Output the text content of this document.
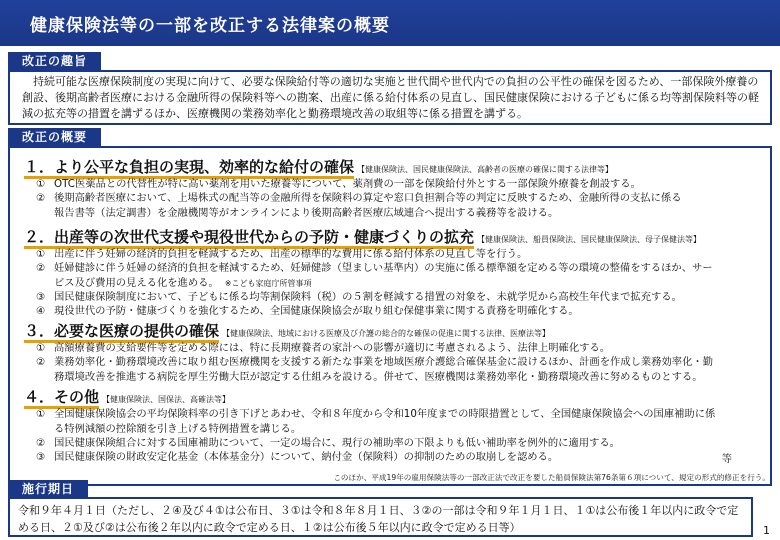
健康保険法等の一部を改正する法律案の概要
改正の趣旨
持続可能な医療保険制度の実現に向けて、必要な保険給付等の適切な実施と世代間や世代内での負担の公平性の確保を図るため、一部保険外療養の創設、後期高齢者医療における金融所得の保険料等への勘案、出産に係る給付体系の見直し、国民健康保険における子どもに係る均等割保険料等の軽減の拡充等の措置を講ずるほか、医療機関の業務効率化と勤務環境改善の取組等に係る措置を講ずる。
改正の概要
１．より公平な負担の実現、効率的な給付の確保 【健康保険法、国民健康保険法、高齢者の医療の確保に関する法律等】
① OTC医薬品との代替性が特に高い薬剤を用いた療養等について、薬剤費の一部を保険給付外とする一部保険外療養を創設する。
② 後期高齢者医療において、上場株式の配当等の金融所得を保険料の算定や窓口負担割合等の判定に反映するため、金融所得の支払に係る
報告書等（法定調書）を金融機関等がオンラインにより後期高齢者医療広域連合へ提出する義務等を設ける。
２．出産等の次世代支援や現役世代からの予防・健康づくりの拡充 【健康保険法、船員保険法、国民健康保険法、母子保健法等】
① 出産に伴う妊婦の経済的負担を軽減するため、出産の標準的な費用に係る給付体系の見直し等を行う。
② 妊婦健診に伴う妊婦の経済的負担を軽減するため、妊婦健診（望ましい基準内）の実施に係る標準額を定める等の環境の整備をするほか、サー
ビス及び費用の見える化を進める。 ※こども家庭庁所管事項
③ 国民健康保険制度において、子どもに係る均等割保険料（税）の５割を軽減する措置の対象を、未就学児から高校生年代まで拡充する。
④ 現役世代の予防・健康づくりを強化するため、全国健康保険協会が取り組む保健事業に関する責務を明確化する。
３．必要な医療の提供の確保 【健康保険法、地域における医療及び介護の総合的な確保の促進に関する法律、医療法等】
① 高額療養費の支給要件等を定める際には、特に長期療養者の家計への影響が適切に考慮されるよう、法律上明確化する。
② 業務効率化・勤務環境改善に取り組む医療機関を支援する新たな事業を地域医療介護総合確保基金に設けるほか、計画を作成し業務効率化・勤
務環境改善を推進する病院を厚生労働大臣が認定する仕組みを設ける。併せて、医療機関は業務効率化・勤務環境改善に努めるものとする。
４．その他 【健康保険法、国保法、高確法等】
① 全国健康保険協会の平均保険料率の引き下げとあわせ、令和８年度から令和10年度までの時限措置として、全国健康保険協会への国庫補助に係
る特例減額の控除額を引き上げる特例措置を講じる。
② 国民健康保険組合に対する国庫補助について、一定の場合に、現行の補助率の下限よりも低い補助率を例外的に適用する。
③ 国民健康保険の財政安定化基金（本体基金分）について、納付金（保険料）の抑制のための取崩しを認める。	等
このほか、平成19年の雇用保険法等の一部改正法で改正を要した船員保険法第76条第６項について、規定の形式的修正を行う。
施行期日
令和９年４月１日（ただし、２④及び４①は公布日、３①は令和８年８月１日、３②の一部は令和９年１月１日、１①は公布後１年以内に政令で定める日、２①及び②は公布後２年以内に政令で定める日、１②は公布後５年以内に政令で定める日等）	1
